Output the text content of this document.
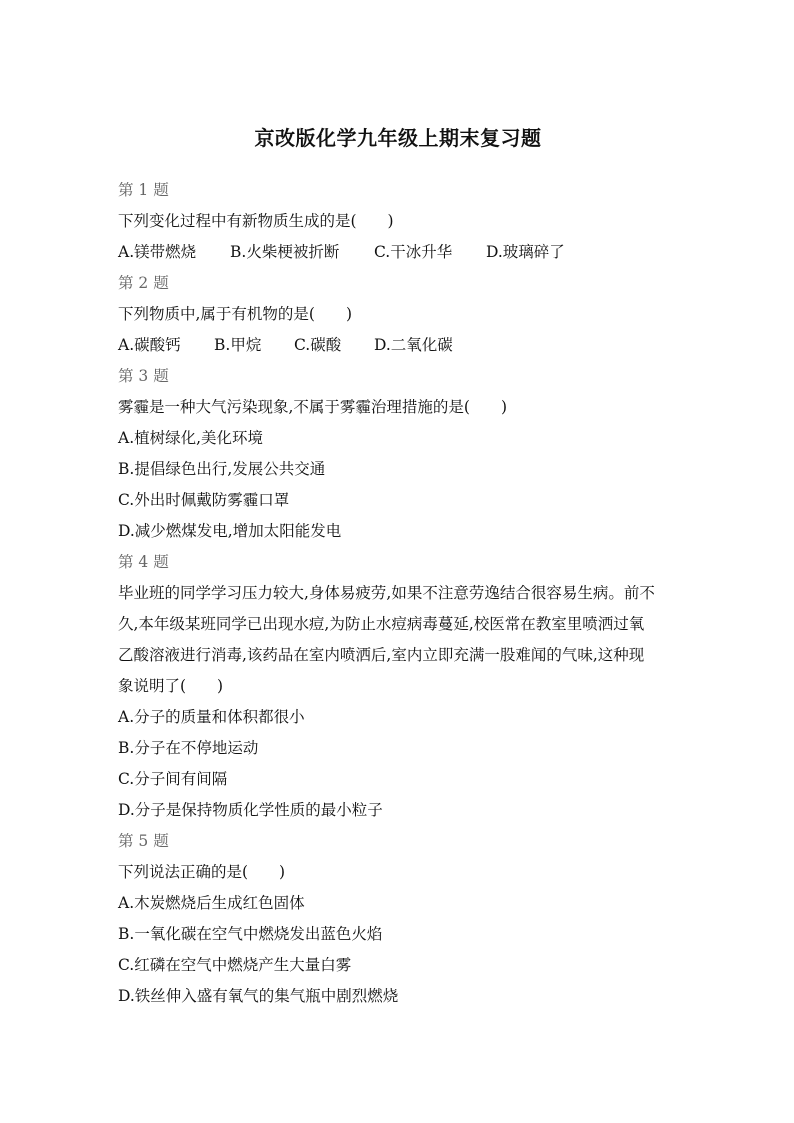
京改版化学九年级上期末复习题
第 1 题
下列变化过程中有新物质生成的是(　　)
A.镁带燃烧 B.火柴梗被折断 C.干冰升华 D.玻璃碎了
第 2 题
下列物质中,属于有机物的是(　　)
A.碳酸钙 B.甲烷 C.碳酸 D.二氧化碳
第 3 题
雾霾是一种大气污染现象,不属于雾霾治理措施的是(　　)
A.植树绿化,美化环境
B.提倡绿色出行,发展公共交通
C.外出时佩戴防雾霾口罩
D.减少燃煤发电,增加太阳能发电
第 4 题
毕业班的同学学习压力较大,身体易疲劳,如果不注意劳逸结合很容易生病。前不
久,本年级某班同学已出现水痘,为防止水痘病毒蔓延,校医常在教室里喷洒过氧
乙酸溶液进行消毒,该药品在室内喷洒后,室内立即充满一股难闻的气味,这种现
象说明了(　　)
A.分子的质量和体积都很小
B.分子在不停地运动
C.分子间有间隔
D.分子是保持物质化学性质的最小粒子
第 5 题
下列说法正确的是(　　)
A.木炭燃烧后生成红色固体
B.一氧化碳在空气中燃烧发出蓝色火焰
C.红磷在空气中燃烧产生大量白雾
D.铁丝伸入盛有氧气的集气瓶中剧烈燃烧
